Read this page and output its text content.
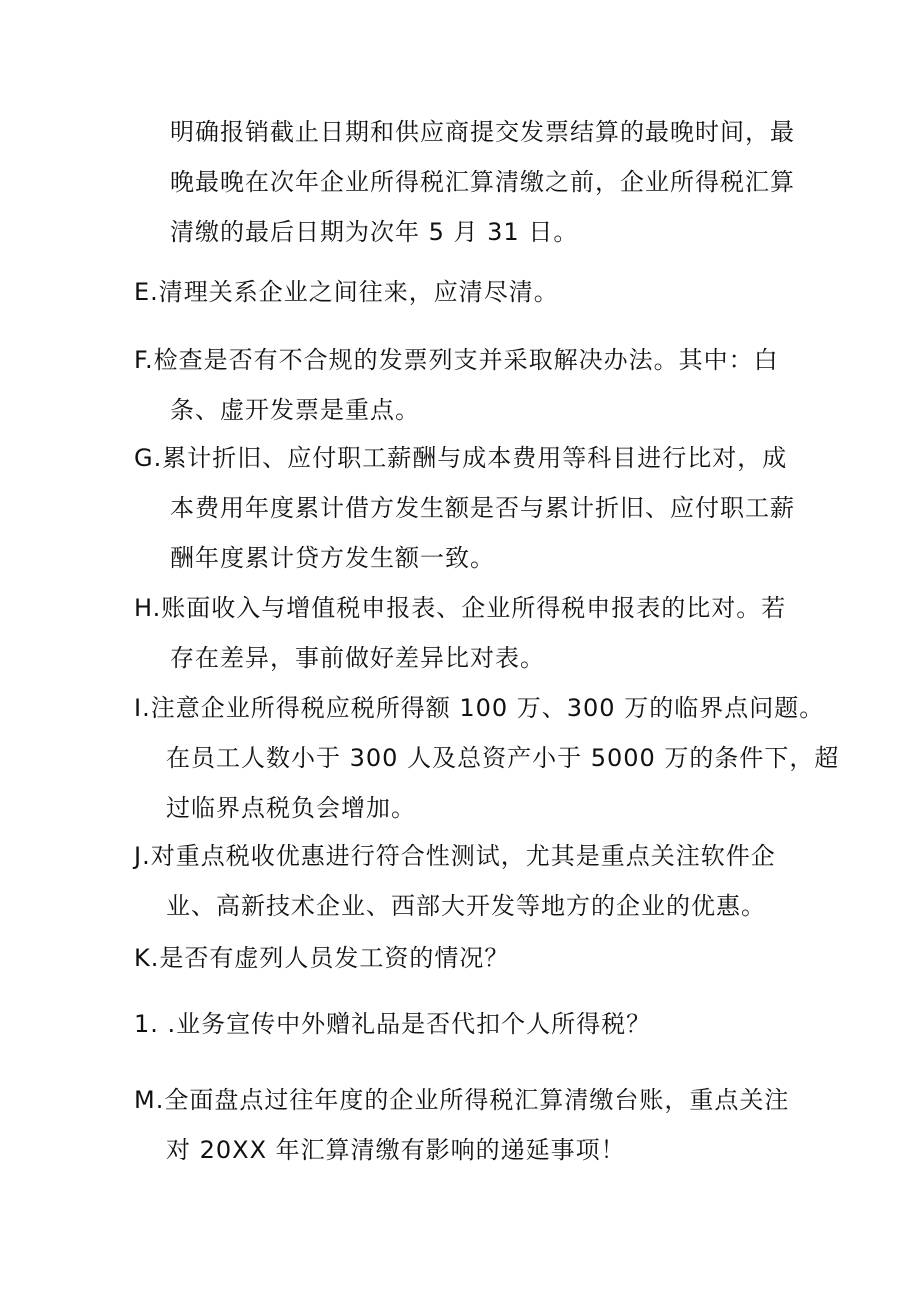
明确报销截止日期和供应商提交发票结算的最晚时间，最
晚最晚在次年企业所得税汇算清缴之前，企业所得税汇算
清缴的最后日期为次年 5 月 31 日。
E.清理关系企业之间往来，应清尽清。
F.检查是否有不合规的发票列支并采取解决办法。其中：白
条、虚开发票是重点。
G.累计折旧、应付职工薪酬与成本费用等科目进行比对，成
本费用年度累计借方发生额是否与累计折旧、应付职工薪
酬年度累计贷方发生额一致。
H.账面收入与增值税申报表、企业所得税申报表的比对。若
存在差异，事前做好差异比对表。
I.注意企业所得税应税所得额 100 万、300 万的临界点问题。
在员工人数小于 300 人及总资产小于 5000 万的条件下，超
过临界点税负会增加。
J.对重点税收优惠进行符合性测试，尤其是重点关注软件企
业、高新技术企业、西部大开发等地方的企业的优惠。
K.是否有虚列人员发工资的情况？
1. .业务宣传中外赠礼品是否代扣个人所得税？
M.全面盘点过往年度的企业所得税汇算清缴台账，重点关注
对 20XX 年汇算清缴有影响的递延事项！
